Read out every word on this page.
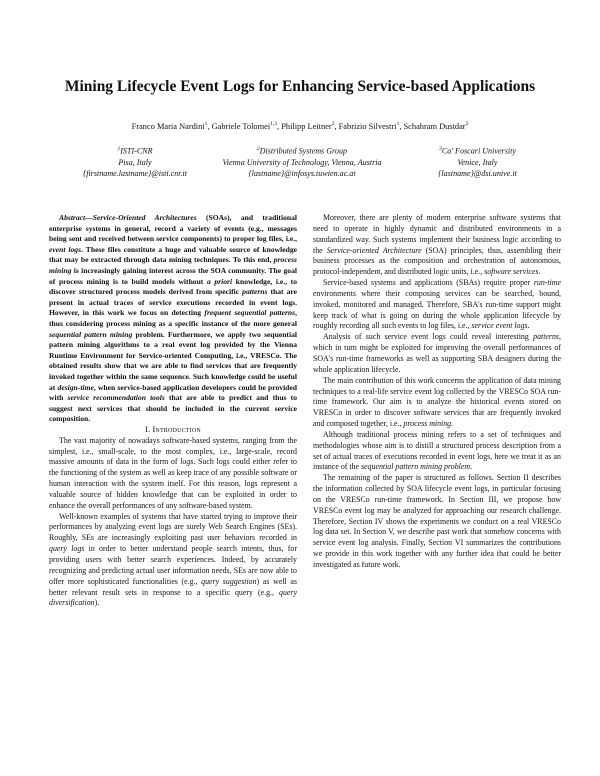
Mining Lifecycle Event Logs for Enhancing Service-based Applications
Franco Maria Nardini$^1$, Gabriele Tolomei$^{1,3}$, Philipp Leitner$^2$, Fabrizio Silvestri$^1$, Schahram Dustdar$^2$
$^1$ISTI-CNR
Pisa, Italy
{firstname.lastname}@isti.cnr.it
$^2$Distributed Systems Group
Vienna University of Technology, Vienna, Austria
{lastname}@infosys.tuwien.ac.at
$^3$Ca' Foscari University
Venice, Italy
{lastname}@dsi.unive.it

Abstract—Service-Oriented Architectures (SOAs), and traditional enterprise systems in general, record a variety of events (e.g., messages being sent and received between service components) to proper log files, i.e., event logs. These files constitute a huge and valuable source of knowledge that may be extracted through data mining techniques. To this end, process mining is increasingly gaining interest across the SOA community. The goal of process mining is to build models without a priori knowledge, i.e., to discover structured process models derived from specific patterns that are present in actual traces of service executions recorded in event logs. However, in this work we focus on detecting frequent sequential patterns, thus considering process mining as a specific instance of the more general sequential pattern mining problem. Furthermore, we apply two sequential pattern mining algorithms to a real event log provided by the Vienna Runtime Environment for Service-oriented Computing, i.e., VRESCo. The obtained results show that we are able to find services that are frequently invoked together within the same sequence. Such knowledge could be useful at design-time, when service-based application developers could be provided with service recommendation tools that are able to predict and thus to suggest next services that should be included in the current service composition.

I. Introduction

The vast majority of nowadays software-based systems, ranging from the simplest, i.e., small-scale, to the most complex, i.e., large-scale, record massive amounts of data in the form of logs. Such logs could either refer to the functioning of the system as well as keep trace of any possible software or human interaction with the system itself. For this reason, logs represent a valuable source of hidden knowledge that can be exploited in order to enhance the overall performances of any software-based system.

Well-known examples of systems that have started trying to improve their performances by analyzing event logs are surely Web Search Engines (SEs). Roughly, SEs are increasingly exploiting past user behaviors recorded in query logs in order to better understand people search intents, thus, for providing users with better search experiences. Indeed, by accurately recognizing and predicting actual user information needs, SEs are now able to offer more sophisticated functionalities (e.g., query suggestion) as well as better relevant result sets in response to a specific query (e.g., query diversification).

Moreover, there are plenty of modern enterprise software systems that need to operate in highly dynamic and distributed environments in a standardized way. Such systems implement their business logic according to the Service-oriented Architecture (SOA) principles, thus, assembling their business processes as the composition and orchestration of autonomous, protocol-independent, and distributed logic units, i.e., software services.

Service-based systems and applications (SBAs) require proper run-time environments where their composing services can be searched, bound, invoked, monitored and managed. Therefore, SBA's run-time support might keep track of what is going on during the whole application lifecycle by roughly recording all such events to log files, i.e., service event logs.

Analysis of such service event logs could reveal interesting patterns, which in turn might be exploited for improving the overall performances of SOA's run-time frameworks as well as supporting SBA designers during the whole application lifecycle.

The main contribution of this work concerns the application of data mining techniques to a real-life service event log collected by the VRESCo SOA run-time framework. Our aim is to analyze the historical events stored on VRESCo in order to discover software services that are frequently invoked and composed together, i.e., process mining.

Although traditional process mining refers to a set of techniques and methodologies whose aim is to distill a structured process description from a set of actual traces of executions recorded in event logs, here we treat it as an instance of the sequential pattern mining problem.

The remaining of the paper is structured as follows. Section II describes the information collected by SOA lifecycle event logs, in particular focusing on the VRESCo run-time framework. In Section III, we propose how VRESCo event log may be analyzed for approaching our research challenge. Therefore, Section IV shows the experiments we conduct on a real VRESCo log data set. In Section V, we describe past work that somehow concerns with service event log analysis. Finally, Section VI summarizes the contributions we provide in this work together with any further idea that could be better investigated as future work.
